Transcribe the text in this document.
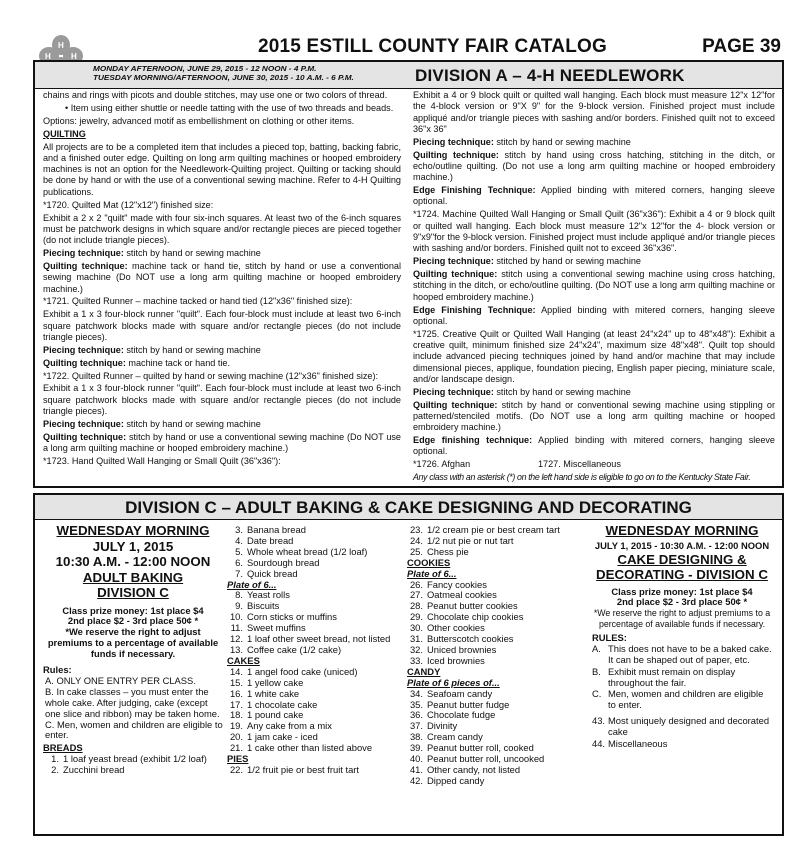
H
H	H	2015 ESTILL COUNTY FAIR CATALOG	PAGE 39
MONDAY AFTERNOON, JUNE 29, 2015 - 12 NOON - 4 P.M.
TUESDAY MORNING/AFTERNOON, JUNE 30, 2015 - 10 A.M. - 6 P.M.	DIVISION A – 4-H NEEDLEWORK

chains and rings with picots and double stitches, may use one or two colors of thread.

• Item using either shuttle or needle tatting with the use of two threads and beads.

Options: jewelry, advanced motif as embellishment on clothing or other items.

QUILTING

All projects are to be a completed item that includes a pieced top, batting, backing fabric, and a finished outer edge. Quilting on long arm quilting machines or hooped embroidery machines is not an option for the Needlework-Quilting project. Quilting or tacking should be done by hand or with the use of a conventional sewing machine. Refer to 4-H Quilting publications.

*1720. Quilted Mat (12"x12") finished size:

Exhibit a 2 x 2 "quilt" made with four six-inch squares. At least two of the 6-inch squares must be patchwork designs in which square and/or rectangle pieces are pieced together (do not include triangle pieces).

Piecing technique: stitch by hand or sewing machine

Quilting technique: machine tack or hand tie, stitch by hand or use a conventional sewing machine (Do NOT use a long arm quilting machine or hooped embroidery machine.)

*1721. Quilted Runner – machine tacked or hand tied (12"x36" finished size):

Exhibit a 1 x 3 four-block runner "quilt". Each four-block must include at least two 6-inch square patchwork blocks made with square and/or rectangle pieces (do not include triangle pieces).

Piecing technique: stitch by hand or sewing machine

Quilting technique: machine tack or hand tie.

*1722. Quilted Runner – quilted by hand or sewing machine (12"x36" finished size):

Exhibit a 1 x 3 four-block runner "quilt". Each four-block must include at least two 6-inch square patchwork blocks made with square and/or rectangle pieces (do not include triangle pieces).

Piecing technique: stitch by hand or sewing machine

Quilting technique: stitch by hand or use a conventional sewing machine (Do NOT use a long arm quilting machine or hooped embroidery machine.)

*1723. Hand Quilted Wall Hanging or Small Quilt (36"x36"):

Exhibit a 4 or 9 block quilt or quilted wall hanging. Each block must measure 12"x 12"for the 4-block version or 9"X 9" for the 9-block version. Finished project must include appliqué and/or triangle pieces with sashing and/or borders. Finished quilt not to exceed 36"x 36"

Piecing technique: stitch by hand or sewing machine

Quilting technique: stitch by hand using cross hatching, stitching in the ditch, or echo/outline quilting. (Do not use a long arm quilting machine or hooped embroidery machine.)

Edge Finishing Technique: Applied binding with mitered corners, hanging sleeve optional.

*1724. Machine Quilted Wall Hanging or Small Quilt (36"x36"): Exhibit a 4 or 9 block quilt or quilted wall hanging. Each block must measure 12"x 12"for the 4- block version or 9"x9"for the 9-block version. Finished project must include appliqué and/or triangle pieces with sashing and/or borders. Finished quilt not to exceed 36"x36".

Piecing technique: stitched by hand or sewing machine

Quilting technique: stitch using a conventional sewing machine using cross hatching, stitching in the ditch, or echo/outline quilting. (Do NOT use a long arm quilting machine or hooped embroidery machine.)

Edge Finishing Technique: Applied binding with mitered corners, hanging sleeve optional.

*1725. Creative Quilt or Quilted Wall Hanging (at least 24"x24" up to 48"x48"): Exhibit a creative quilt, minimum finished size 24"x24", maximum size 48"x48". Quilt top should include advanced piecing techniques joined by hand and/or machine that may include dimensional pieces, applique, foundation piecing, English paper piecing, miniature scale, and/or landscape design.

Piecing technique: stitch by hand or sewing machine

Quilting technique: stitch by hand or conventional sewing machine using stippling or patterned/stenciled motifs. (Do NOT use a long arm quilting machine or hooped embroidery machine.)

Edge finishing technique: Applied binding with mitered corners, hanging sleeve optional.

*1726. Afghan	1727. Miscellaneous

Any class with an asterisk (*) on the left hand side is eligible to go on to the Kentucky State Fair.

DIVISION C – ADULT BAKING & CAKE DESIGNING AND DECORATING
WEDNESDAY MORNING
JULY 1, 2015
10:30 A.M. - 12:00 NOON
ADULT BAKING
DIVISION C
Class prize money: 1st place $4
2nd place $2 - 3rd place 50¢ *
*We reserve the right to adjust premiums to a percentage of available funds if necessary.
Rules:
A. ONLY ONE ENTRY PER CLASS.
B. In cake classes – you must enter the whole cake. After judging, cake (except one slice and ribbon) may be taken home.
C. Men, women and children are eligible to enter.
BREADS
1. 1 loaf yeast bread (exhibit 1/2 loaf)
2. Zucchini bread
3. Banana bread
4. Date bread
5. Whole wheat bread (1/2 loaf)
6. Sourdough bread
7. Quick bread
Plate of 6...
8. Yeast rolls
9. Biscuits
10. Corn sticks or muffins
11. Sweet muffins
12. 1 loaf other sweet bread, not listed
13. Coffee cake (1/2 cake)
CAKES
14. 1 angel food cake (uniced)
15. 1 yellow cake
16. 1 white cake
17. 1 chocolate cake
18. 1 pound cake
19. Any cake from a mix
20. 1 jam cake - iced
21. 1 cake other than listed above
PIES
22. 1/2 fruit pie or best fruit tart
23. 1/2 cream pie or best cream tart
24. 1/2 nut pie or nut tart
25. Chess pie
COOKIES
Plate of 6...
26. Fancy cookies
27. Oatmeal cookies
28. Peanut butter cookies
29. Chocolate chip cookies
30. Other cookies
31. Butterscotch cookies
32. Uniced brownies
33. Iced brownies
CANDY
Plate of 6 pieces of...
34. Seafoam candy
35. Peanut butter fudge
36. Chocolate fudge
37. Divinity
38. Cream candy
39. Peanut butter roll, cooked
40. Peanut butter roll, uncooked
41. Other candy, not listed
42. Dipped candy
WEDNESDAY MORNING
JULY 1, 2015 - 10:30 A.M. - 12:00 NOON
CAKE DESIGNING &
DECORATING - DIVISION C
Class prize money: 1st place $4
2nd place $2 - 3rd place 50¢ *
*We reserve the right to adjust premiums to a percentage of available funds if necessary.
RULES:
A. This does not have to be a baked cake. It can be shaped out of paper, etc.
B. Exhibit must remain on display throughout the fair.
C. Men, women and children are eligible to enter.
43. Most uniquely designed and decorated cake
44. Miscellaneous
